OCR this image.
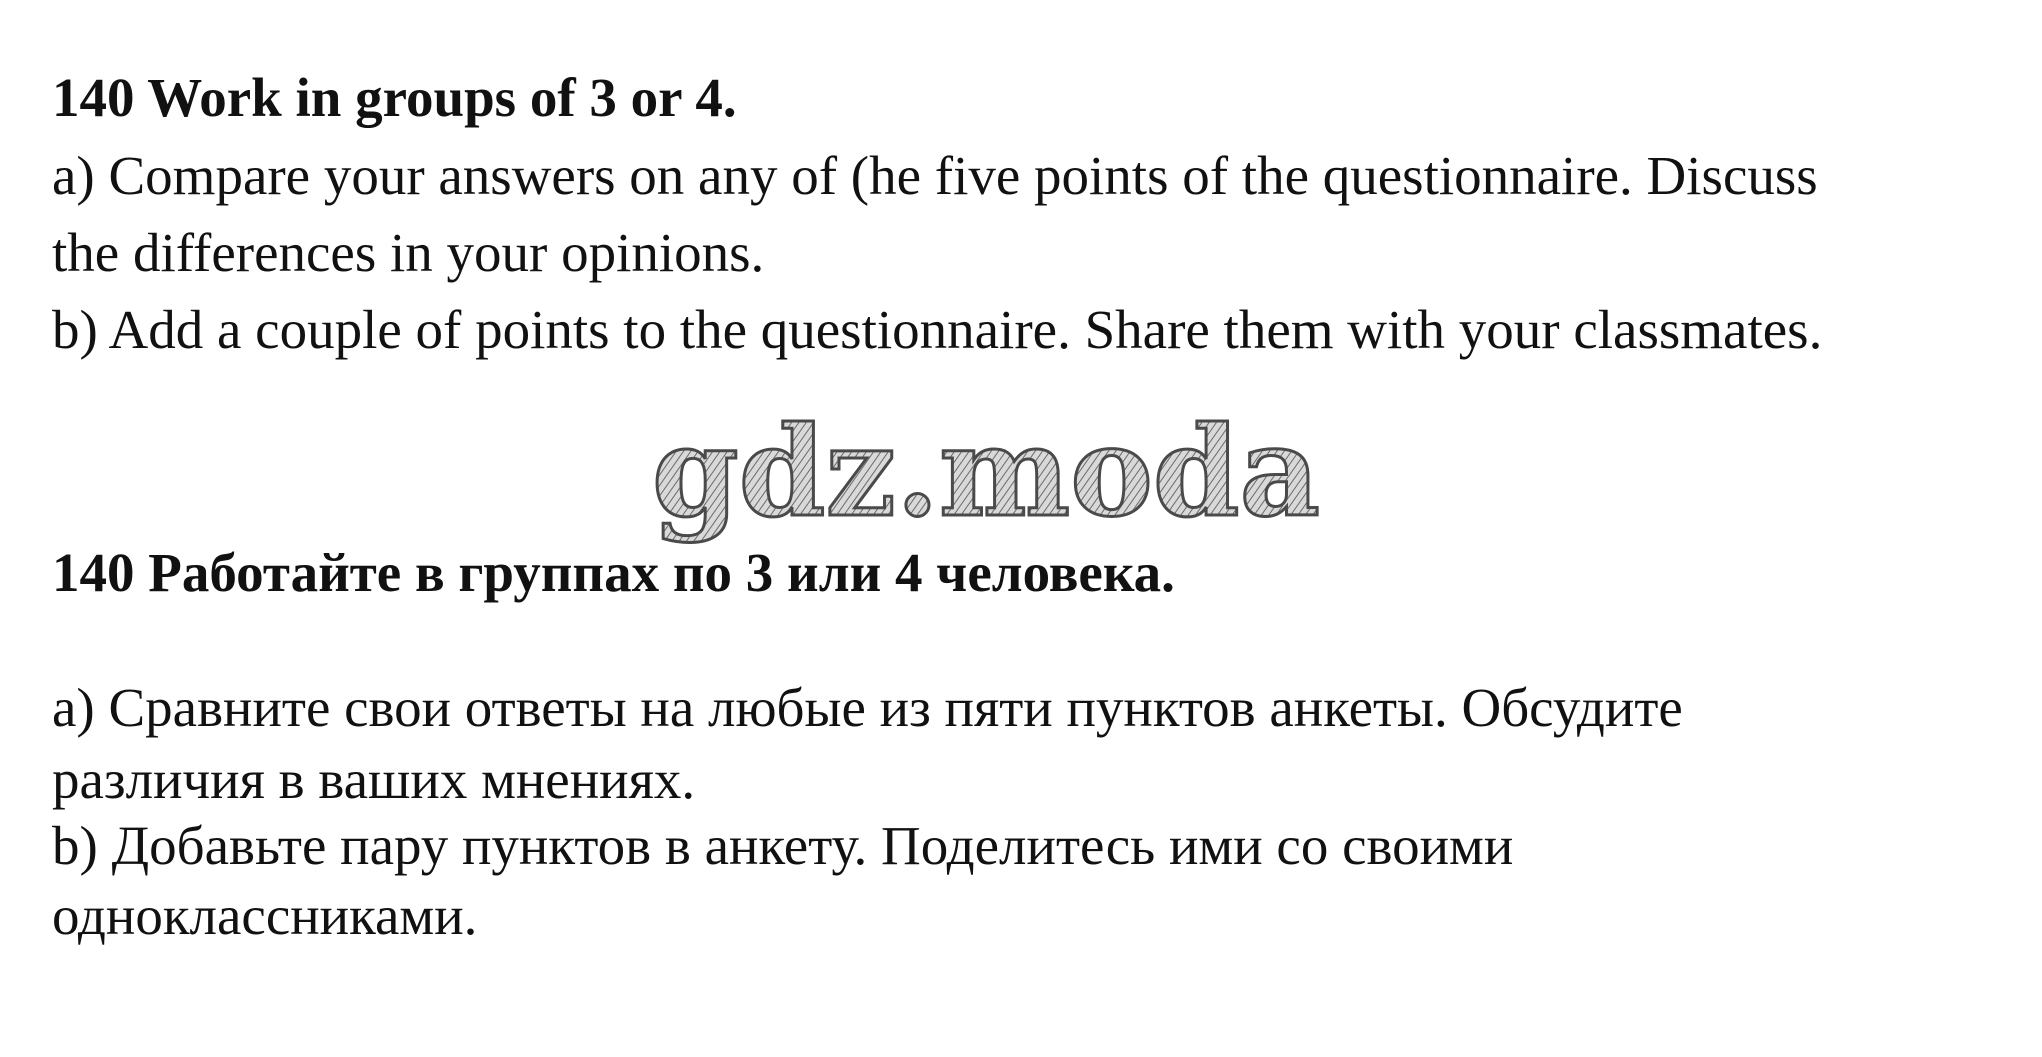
140 Work in groups of 3 or 4.
a) Compare your answers on any of (he five points of the questionnaire. Discuss
the differences in your opinions.
b) Add a couple of points to the questionnaire. Share them with your classmates.
gdz.moda
140 Работайте в группах по 3 или 4 человека.
a) Сравните свои ответы на любые из пяти пунктов анкеты. Обсудите
различия в ваших мнениях.
b) Добавьте пару пунктов в анкету. Поделитесь ими со своими
одноклассниками.
